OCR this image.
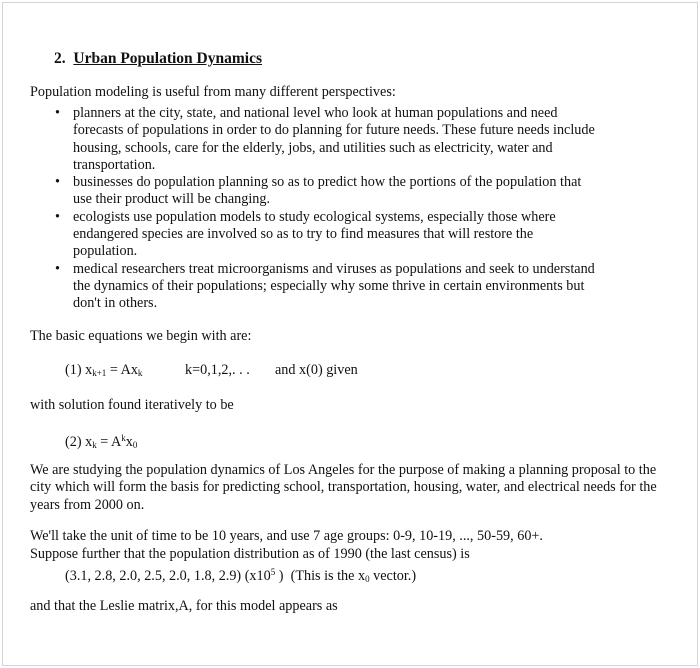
2. Urban Population Dynamics

Population modeling is useful from many different perspectives:

• planners at the city, state, and national level who look at human populations and need forecasts of populations in order to do planning for future needs. These future needs include housing, schools, care for the elderly, jobs, and utilities such as electricity, water and transportation.
• businesses do population planning so as to predict how the portions of the population that use their product will be changing.
• ecologists use population models to study ecological systems, especially those where endangered species are involved so as to try to find measures that will restore the population.
• medical researchers treat microorganisms and viruses as populations and seek to understand the dynamics of their populations; especially why some thrive in certain environments but don't in others.

The basic equations we begin with are:

(1) $x_{k+1} = Ax_k$	k=0,1,2,. . . and x(0) given

with solution found iteratively to be

(2) $x_k = A^kx_0$

We are studying the population dynamics of Los Angeles for the purpose of making a planning proposal to the city which will form the basis for predicting school, transportation, housing, water, and electrical needs for the years from 2000 on.

We'll take the unit of time to be 10 years, and use 7 age groups: 0-9, 10-19, ..., 50-59, 60+.

Suppose further that the population distribution as of 1990 (the last census) is

(3.1, 2.8, 2.0, 2.5, 2.0, 1.8, 2.9) ($x10^5$ ) (This is the $x_0$ vector.)

and that the Leslie matrix,A, for this model appears as
